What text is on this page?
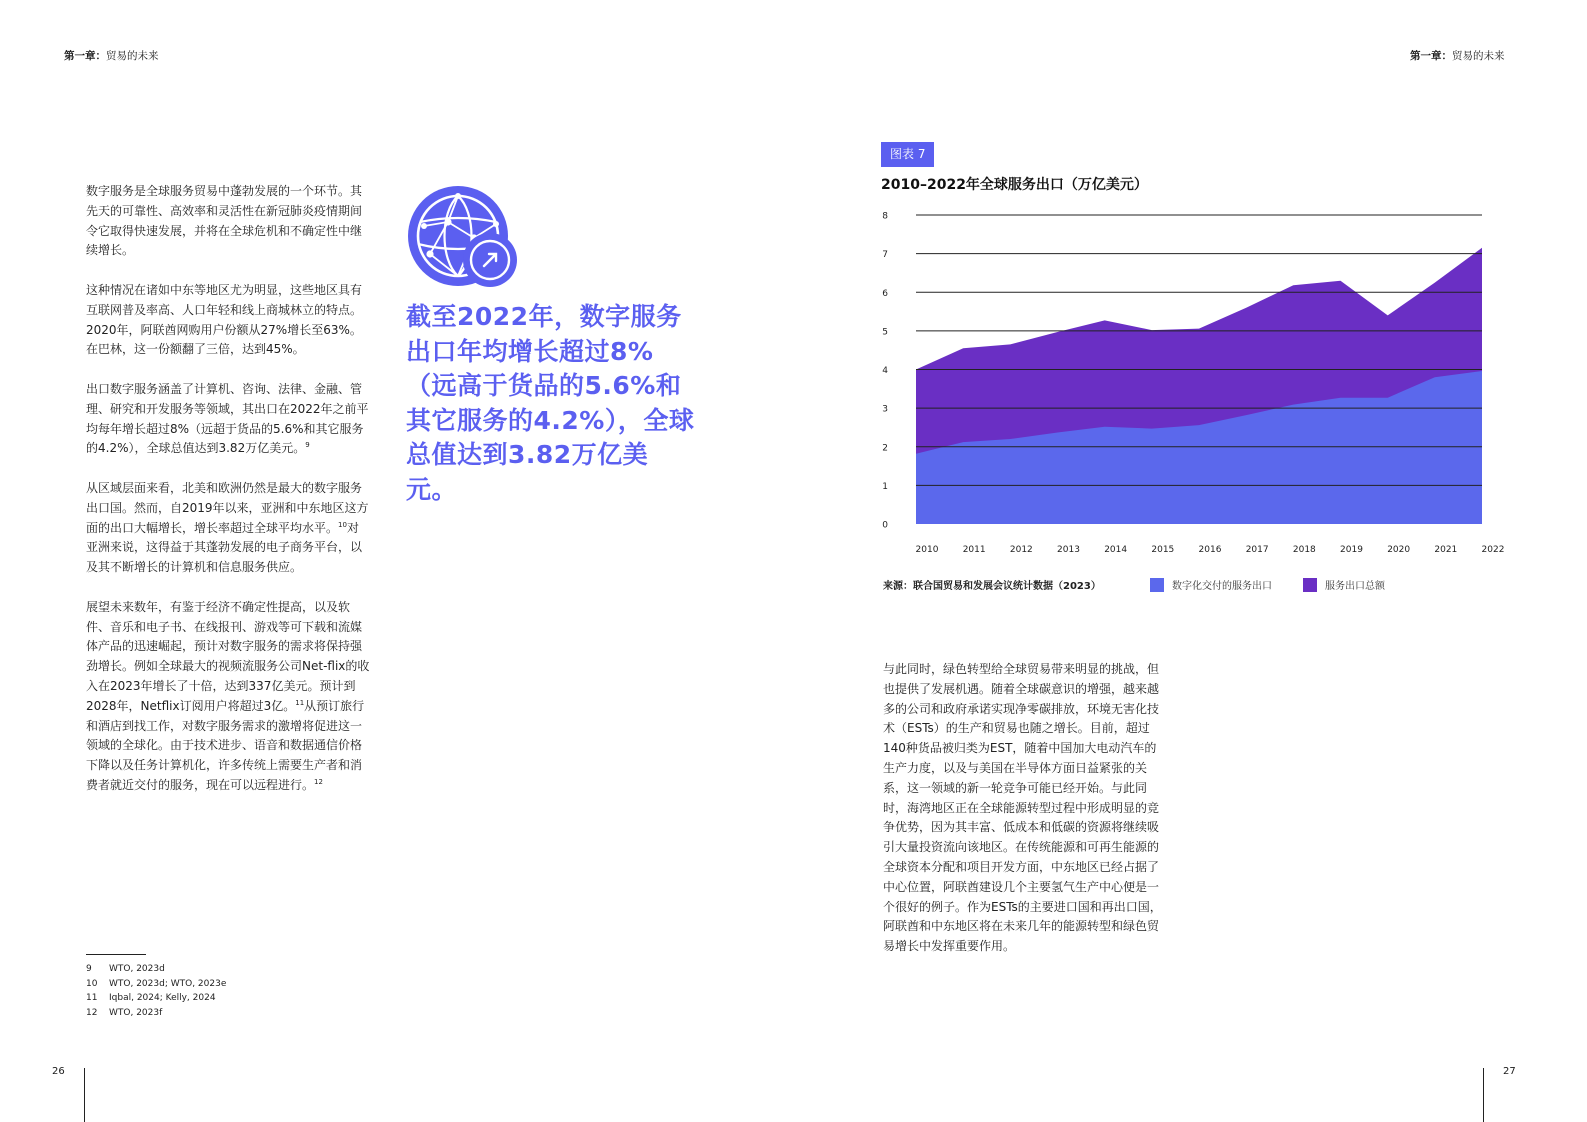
第一章：贸易的未来	第一章：贸易的未来

数字服务是全球服务贸易中蓬勃发展的一个环节。其先天的可靠性、高效率和灵活性在新冠肺炎疫情期间令它取得快速发展，并将在全球危机和不确定性中继续增长。

这种情况在诸如中东等地区尤为明显，这些地区具有互联网普及率高、人口年轻和线上商城林立的特点。2020年，阿联酋网购用户份额从27%增长至63%。在巴林，这一份额翻了三倍，达到45%。

出口数字服务涵盖了计算机、咨询、法律、金融、管理、研究和开发服务等领域，其出口在2022年之前平均每年增长超过8%（远超于货品的5.6%和其它服务的4.2%），全球总值达到3.82万亿美元。$^9$

从区域层面来看，北美和欧洲仍然是最大的数字服务出口国。然而，自2019年以来，亚洲和中东地区这方面的出口大幅增长，增长率超过全球平均水平。$^{10}$对亚洲来说，这得益于其蓬勃发展的电子商务平台，以及其不断增长的计算机和信息服务供应。

展望未来数年，有鉴于经济不确定性提高，以及软件、音乐和电子书、在线报刊、游戏等可下载和流媒体产品的迅速崛起，预计对数字服务的需求将保持强劲增长。例如全球最大的视频流服务公司Net-flix的收入在2023年增长了十倍，达到337亿美元。预计到2028年，Netflix订阅用户将超过3亿。$^{11}$从预订旅行和酒店到找工作，对数字服务需求的激增将促进这一领域的全球化。由于技术进步、语音和数据通信价格下降以及任务计算机化，许多传统上需要生产者和消费者就近交付的服务，现在可以远程进行。$^{12}$

截至2022年，数字服务出口年均增长超过8%（远高于货品的5.6%和其它服务的4.2%），全球总值达到3.82万亿美元。
9	WTO, 2023d
10	WTO, 2023d; WTO, 2023e
11	Iqbal, 2024; Kelly, 2024
12	WTO, 2023f
26	27
图表 7
2010–2022年全球服务出口（万亿美元）
0
1
2
3
4
5
6
7
8
2010	2011	2012	2013	2014	2015	2016	2017	2018	2019	2020	2021	2022
来源：联合国贸易和发展会议统计数据（2023）	数字化交付的服务出口	服务出口总额

与此同时，绿色转型给全球贸易带来明显的挑战，但也提供了发展机遇。随着全球碳意识的增强，越来越多的公司和政府承诺实现净零碳排放，环境无害化技术（ESTs）的生产和贸易也随之增长。目前，超过140种货品被归类为EST，随着中国加大电动汽车的生产力度，以及与美国在半导体方面日益紧张的关系，这一领域的新一轮竞争可能已经开始。与此同时，海湾地区正在全球能源转型过程中形成明显的竞争优势，因为其丰富、低成本和低碳的资源将继续吸引大量投资流向该地区。在传统能源和可再生能源的全球资本分配和项目开发方面，中东地区已经占据了中心位置，阿联酋建设几个主要氢气生产中心便是一个很好的例子。作为ESTs的主要进口国和再出口国，阿联酋和中东地区将在未来几年的能源转型和绿色贸易增长中发挥重要作用。
